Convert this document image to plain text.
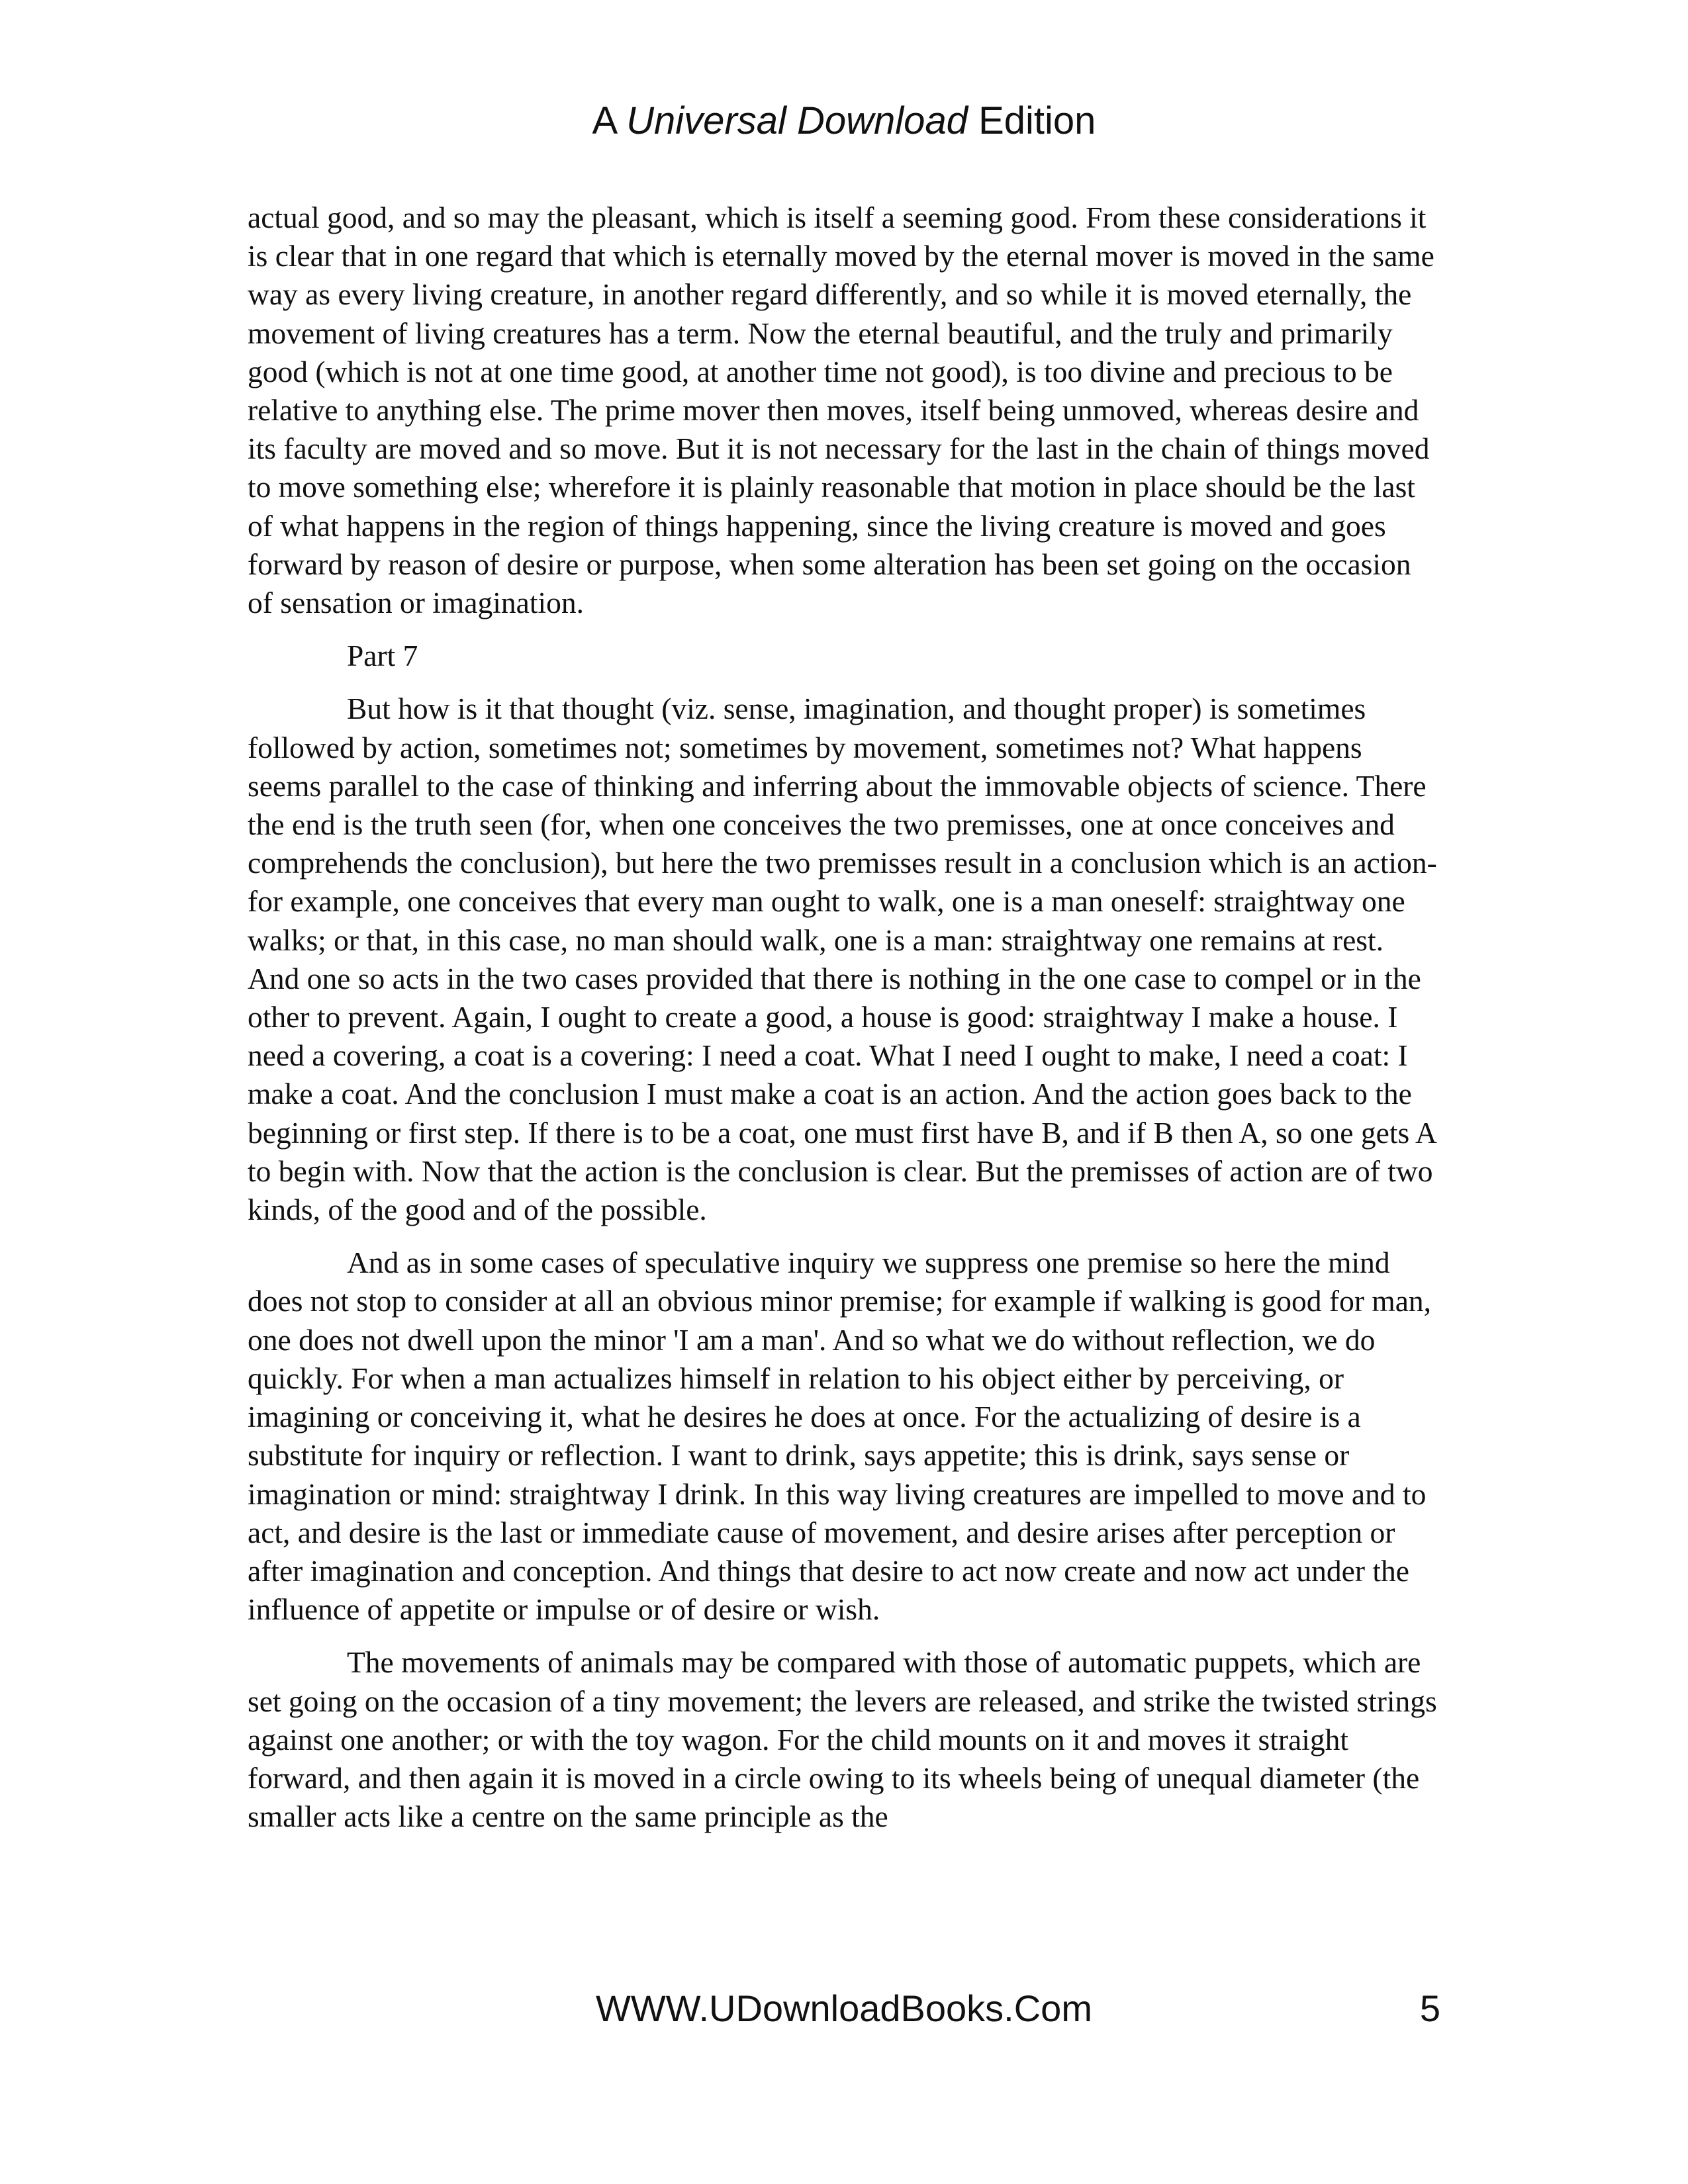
A Universal Download Edition

actual good, and so may the pleasant, which is itself a seeming good. From these considerations it is clear that in one regard that which is eternally moved by the eternal mover is moved in the same way as every living creature, in another regard differently, and so while it is moved eternally, the movement of living creatures has a term. Now the eternal beautiful, and the truly and primarily good (which is not at one time good, at another time not good), is too divine and precious to be relative to anything else. The prime mover then moves, itself being unmoved, whereas desire and its faculty are moved and so move. But it is not necessary for the last in the chain of things moved to move something else; wherefore it is plainly reasonable that motion in place should be the last of what happens in the region of things happening, since the living creature is moved and goes forward by reason of desire or purpose, when some alteration has been set going on the occasion of sensation or imagination.

Part 7

But how is it that thought (viz. sense, imagination, and thought proper) is sometimes followed by action, sometimes not; sometimes by movement, sometimes not? What happens seems parallel to the case of thinking and inferring about the immovable objects of science. There the end is the truth seen (for, when one conceives the two premisses, one at once conceives and comprehends the conclusion), but here the two premisses result in a conclusion which is an action- for example, one conceives that every man ought to walk, one is a man oneself: straightway one walks; or that, in this case, no man should walk, one is a man: straightway one remains at rest. And one so acts in the two cases provided that there is nothing in the one case to compel or in the other to prevent. Again, I ought to create a good, a house is good: straightway I make a house. I need a covering, a coat is a covering: I need a coat. What I need I ought to make, I need a coat: I make a coat. And the conclusion I must make a coat is an action. And the action goes back to the beginning or first step. If there is to be a coat, one must first have B, and if B then A, so one gets A to begin with. Now that the action is the conclusion is clear. But the premisses of action are of two kinds, of the good and of the possible.

And as in some cases of speculative inquiry we suppress one premise so here the mind does not stop to consider at all an obvious minor premise; for example if walking is good for man, one does not dwell upon the minor 'I am a man'. And so what we do without reflection, we do quickly. For when a man actualizes himself in relation to his object either by perceiving, or imagining or conceiving it, what he desires he does at once. For the actualizing of desire is a substitute for inquiry or reflection. I want to drink, says appetite; this is drink, says sense or imagination or mind: straightway I drink. In this way living creatures are impelled to move and to act, and desire is the last or immediate cause of movement, and desire arises after perception or after imagination and conception. And things that desire to act now create and now act under the influence of appetite or impulse or of desire or wish.

The movements of animals may be compared with those of automatic puppets, which are set going on the occasion of a tiny movement; the levers are released, and strike the twisted strings against one another; or with the toy wagon. For the child mounts on it and moves it straight forward, and then again it is moved in a circle owing to its wheels being of unequal diameter (the smaller acts like a centre on the same principle as the

WWW.UDownloadBooks.Com	5
